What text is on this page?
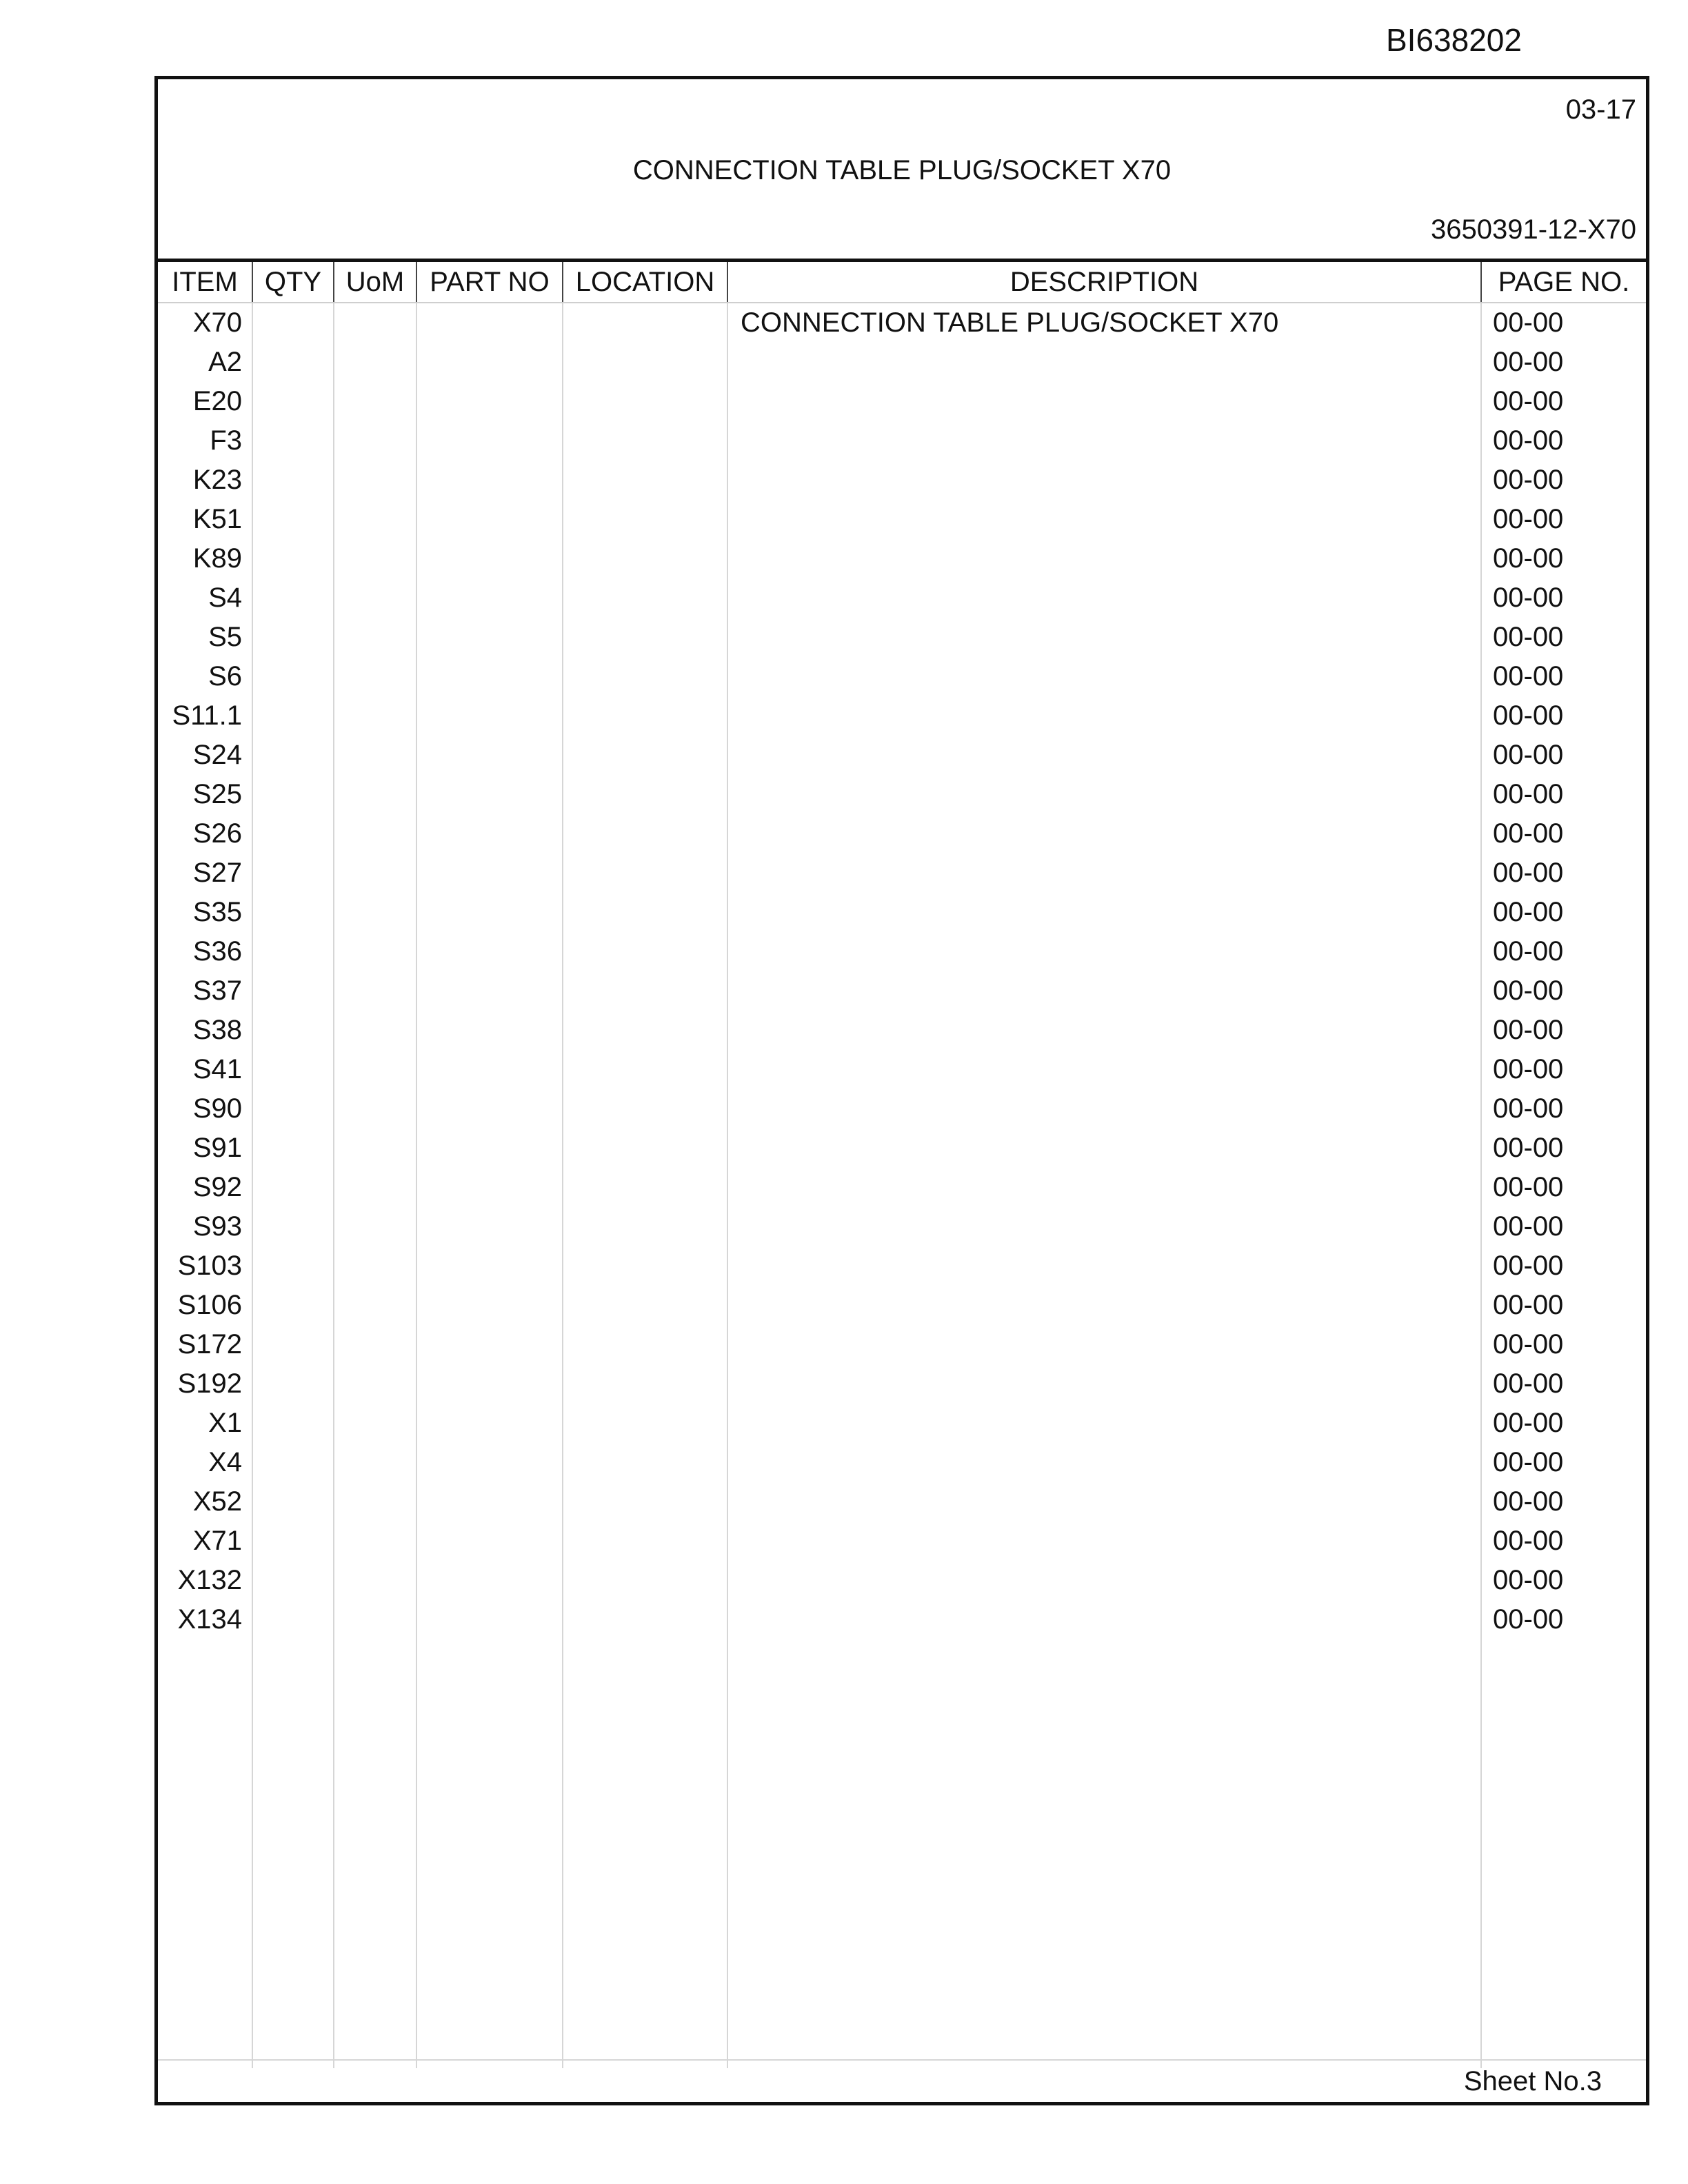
BI638202
03-17
CONNECTION TABLE PLUG/SOCKET X70
3650391-12-X70
ITEM	QTY	UoM	PART NO	LOCATION	DESCRIPTION	PAGE NO.
X70					CONNECTION TABLE PLUG/SOCKET X70	00-00
A2						00-00
E20						00-00
F3						00-00
K23						00-00
K51						00-00
K89						00-00
S4						00-00
S5						00-00
S6						00-00
S11.1						00-00
S24						00-00
S25						00-00
S26						00-00
S27						00-00
S35						00-00
S36						00-00
S37						00-00
S38						00-00
S41						00-00
S90						00-00
S91						00-00
S92						00-00
S93						00-00
S103						00-00
S106						00-00
S172						00-00
S192						00-00
X1						00-00
X4						00-00
X52						00-00
X71						00-00
X132						00-00
X134						00-00

Sheet No.3
